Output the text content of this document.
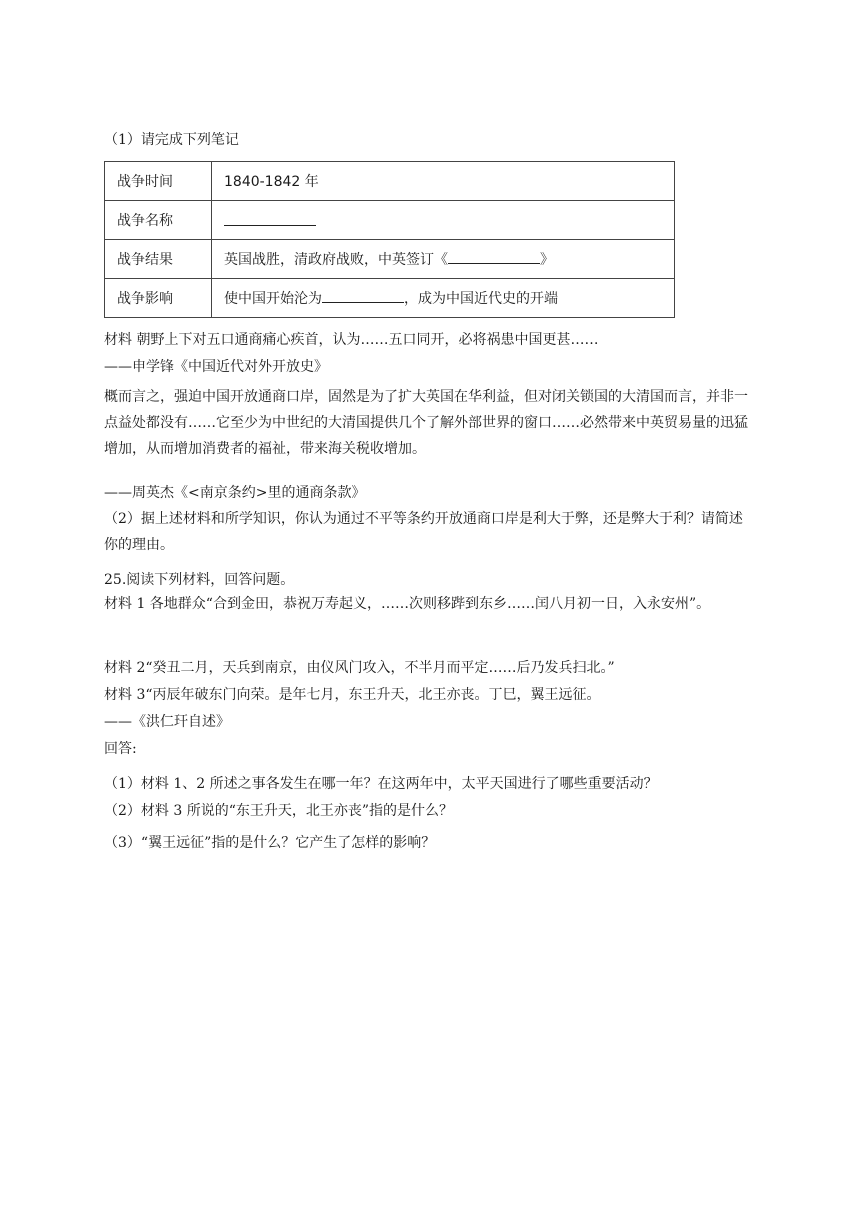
（1）请完成下列笔记
战争时间	1840-1842 年
战争名称	
战争结果	英国战胜，清政府战败，中英签订《 》
战争影响	使中国开始沦为 ，成为中国近代史的开端
材料 朝野上下对五口通商痛心疾首，认为……五口同开，必将祸患中国更甚……
——申学锋《中国近代对外开放史》
概而言之，强迫中国开放通商口岸，固然是为了扩大英国在华利益，但对闭关锁国的大清国而言，并非一点益处都没有……它至少为中世纪的大清国提供几个了解外部世界的窗口……必然带来中英贸易量的迅猛增加，从而增加消费者的福祉，带来海关税收增加。
——周英杰《<南京条约>里的通商条款》
（2）据上述材料和所学知识，你认为通过不平等条约开放通商口岸是利大于弊，还是弊大于利？请简述你的理由。
25.阅读下列材料，回答问题。
材料 1 各地群众“合到金田，恭祝万寿起义，……次则移跸到东乡……闰八月初一日，入永安州”。
材料 2“癸丑二月，天兵到南京，由仪风门攻入，不半月而平定……后乃发兵扫北。”
材料 3“丙辰年破东门向荣。是年七月，东王升天，北王亦丧。丁巳，翼王远征。
——《洪仁玕自述》
回答:
（1）材料 1、2 所述之事各发生在哪一年？在这两年中，太平天国进行了哪些重要活动？
（2）材料 3 所说的“东王升天，北王亦丧”指的是什么？
（3）“翼王远征”指的是什么？它产生了怎样的影响？
